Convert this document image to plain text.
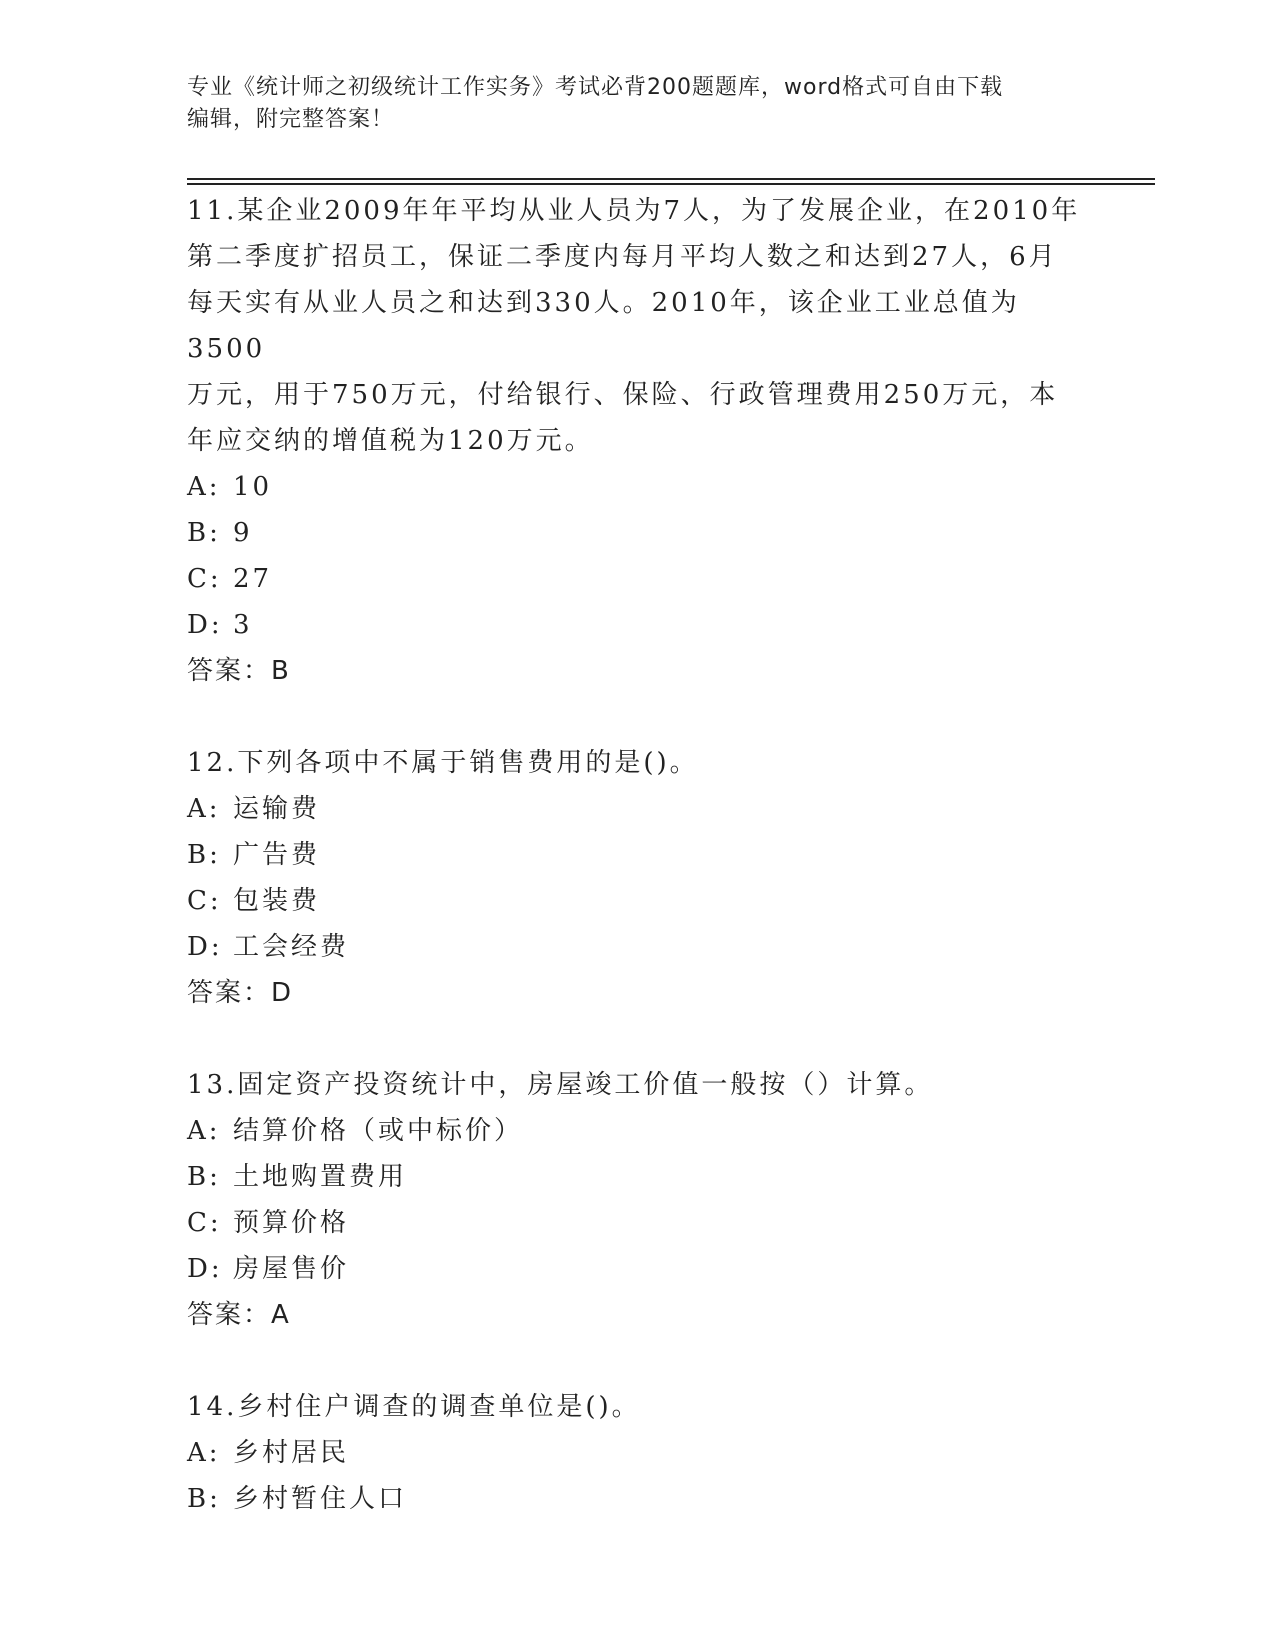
专业《统计师之初级统计工作实务》考试必背200题题库，word格式可自由下载
编辑，附完整答案！

11.某企业2009年年平均从业人员为7人，为了发展企业，在2010年

第二季度扩招员工，保证二季度内每月平均人数之和达到27人，6月

每天实有从业人员之和达到330人。2010年，该企业工业总值为3500

万元，用于750万元，付给银行、保险、行政管理费用250万元，本

年应交纳的增值税为120万元。

A: 10

B: 9

C: 27

D: 3

答案：B

12.下列各项中不属于销售费用的是()。

A: 运输费

B: 广告费

C: 包装费

D: 工会经费

答案：D

13.固定资产投资统计中，房屋竣工价值一般按（）计算。

A: 结算价格（或中标价）

B: 土地购置费用

C: 预算价格

D: 房屋售价

答案：A

14.乡村住户调查的调查单位是()。

A: 乡村居民

B: 乡村暂住人口
